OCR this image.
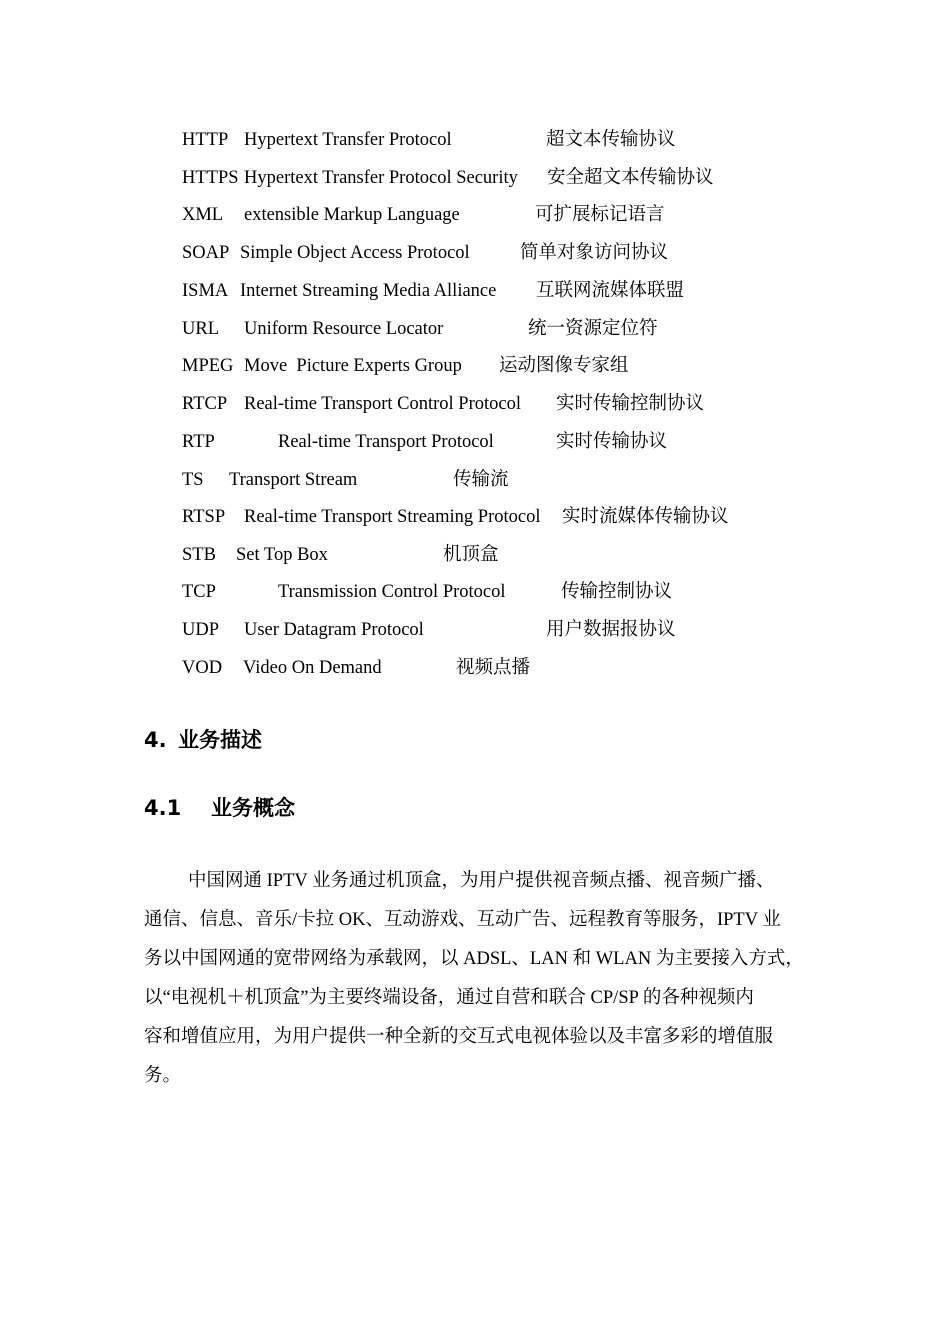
HTTP Hypertext Transfer Protocol	超文本传输协议
HTTPS Hypertext Transfer Protocol Security 安全超文本传输协议
XML extensible Markup Language	可扩展标记语言
SOAP Simple Object Access Protocol	简单对象访问协议
ISMA Internet Streaming Media Alliance 互联网流媒体联盟
URL Uniform Resource Locator	统一资源定位符
MPEG Move  Picture Experts Group 运动图像专家组
RTCP Real-time Transport Control Protocol 实时传输控制协议
RTP	Real-time Transport Protocol	实时传输协议
TS Transport Stream	传输流
RTSP Real-time Transport Streaming Protocol 实时流媒体传输协议
STB Set Top Box	机顶盒
TCP	Transmission Control Protocol	传输控制协议
UDP User Datagram Protocol	用户数据报协议
VOD Video On Demand	视频点播
4. 业务描述
4.1 业务概念
中国网通 IPTV 业务通过机顶盒，为用户提供视音频点播、视音频广播、
通信、信息、音乐/卡拉 OK、互动游戏、互动广告、远程教育等服务，IPTV 业
务以中国网通的宽带网络为承载网，以 ADSL、LAN 和 WLAN 为主要接入方式，
以“电视机＋机顶盒”为主要终端设备，通过自营和联合 CP/SP 的各种视频内
容和增值应用，为用户提供一种全新的交互式电视体验以及丰富多彩的增值服
务。
